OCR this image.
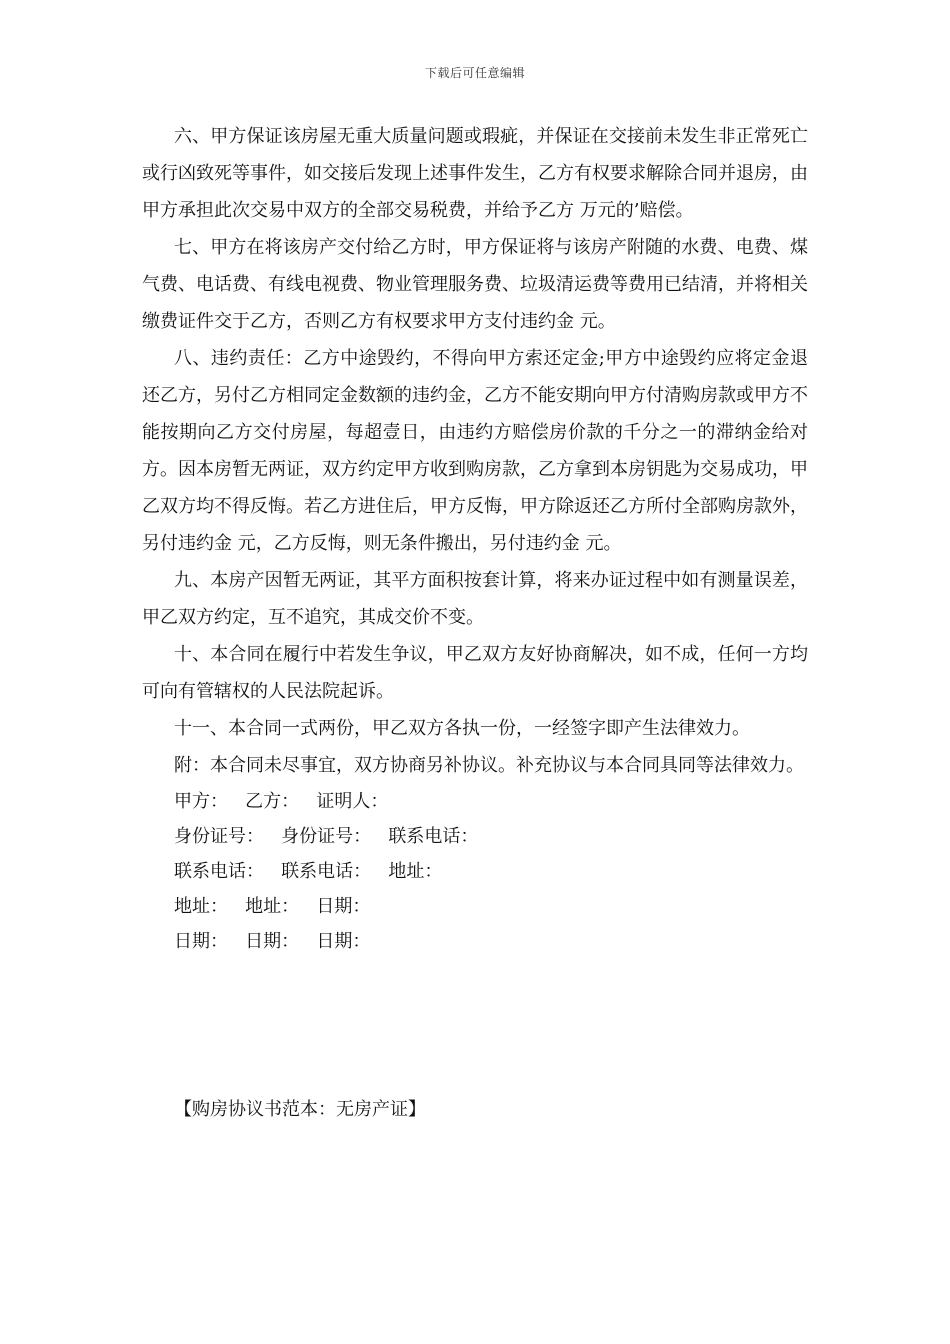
下载后可任意编辑

六、甲方保证该房屋无重大质量问题或瑕疵，并保证在交接前未发生非正常死亡或行凶致死等事件，如交接后发现上述事件发生，乙方有权要求解除合同并退房，由甲方承担此次交易中双方的全部交易税费，并给予乙方 万元的’赔偿。

七、甲方在将该房产交付给乙方时，甲方保证将与该房产附随的水费、电费、煤气费、电话费、有线电视费、物业管理服务费、垃圾清运费等费用已结清，并将相关缴费证件交于乙方，否则乙方有权要求甲方支付违约金 元。

八、违约责任：乙方中途毁约，不得向甲方索还定金;甲方中途毁约应将定金退还乙方，另付乙方相同定金数额的违约金，乙方不能安期向甲方付清购房款或甲方不能按期向乙方交付房屋，每超壹日，由违约方赔偿房价款的千分之一的滞纳金给对方。因本房暂无两证，双方约定甲方收到购房款，乙方拿到本房钥匙为交易成功，甲乙双方均不得反悔。若乙方进住后，甲方反悔，甲方除返还乙方所付全部购房款外，另付违约金 元，乙方反悔，则无条件搬出，另付违约金 元。

九、本房产因暂无两证，其平方面积按套计算，将来办证过程中如有测量误差，甲乙双方约定，互不追究，其成交价不变。

十、本合同在履行中若发生争议，甲乙双方友好协商解决，如不成，任何一方均可向有管辖权的人民法院起诉。

十一、本合同一式两份，甲乙双方各执一份，一经签字即产生法律效力。

附：本合同未尽事宜，双方协商另补协议。补充协议与本合同具同等法律效力。

甲方： 乙方： 证明人：
身份证号： 身份证号： 联系电话：
联系电话： 联系电话： 地址：
地址： 地址： 日期：
日期： 日期： 日期：
【购房协议书范本：无房产证】
